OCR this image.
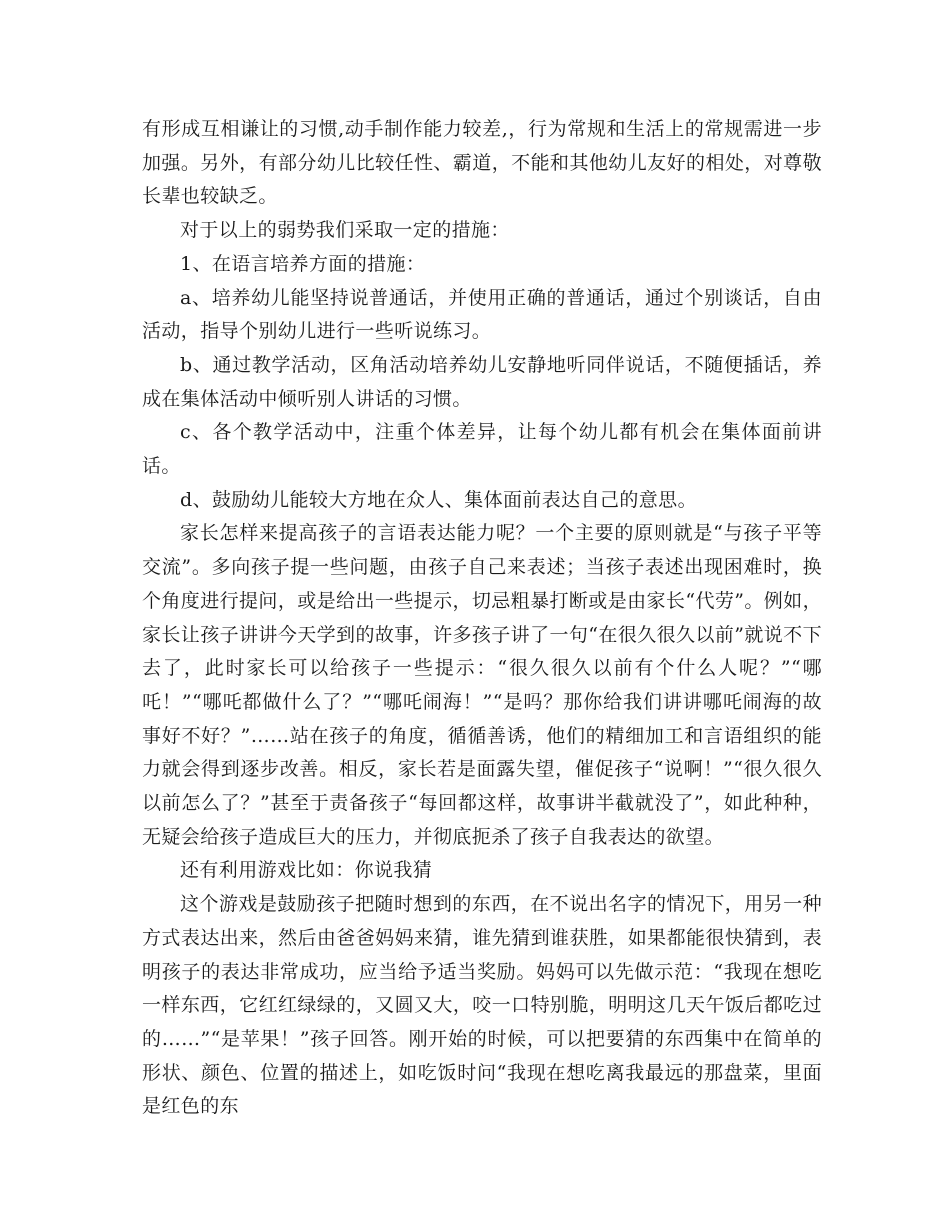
有形成互相谦让的习惯,动手制作能力较差,，行为常规和生活上的常规需进一步加强。另外，有部分幼儿比较任性、霸道，不能和其他幼儿友好的相处，对尊敬长辈也较缺乏。

对于以上的弱势我们采取一定的措施：

1、在语言培养方面的措施：

a、培养幼儿能坚持说普通话，并使用正确的普通话，通过个别谈话，自由活动，指导个别幼儿进行一些听说练习。

b、通过教学活动，区角活动培养幼儿安静地听同伴说话，不随便插话，养成在集体活动中倾听别人讲话的习惯。

c、各个教学活动中，注重个体差异，让每个幼儿都有机会在集体面前讲话。

d、鼓励幼儿能较大方地在众人、集体面前表达自己的意思。

家长怎样来提高孩子的言语表达能力呢？一个主要的原则就是“与孩子平等交流”。多向孩子提一些问题，由孩子自己来表述；当孩子表述出现困难时，换个角度进行提问，或是给出一些提示，切忌粗暴打断或是由家长“代劳”。例如，家长让孩子讲讲今天学到的故事，许多孩子讲了一句“在很久很久以前”就说不下去了，此时家长可以给孩子一些提示：“很久很久以前有个什么人呢？”“哪吒！”“哪吒都做什么了？”“哪吒闹海！”“是吗？那你给我们讲讲哪吒闹海的故事好不好？”……站在孩子的角度，循循善诱，他们的精细加工和言语组织的能力就会得到逐步改善。相反，家长若是面露失望，催促孩子“说啊！”“很久很久以前怎么了？”甚至于责备孩子“每回都这样，故事讲半截就没了”，如此种种，无疑会给孩子造成巨大的压力，并彻底扼杀了孩子自我表达的欲望。

还有利用游戏比如：你说我猜

这个游戏是鼓励孩子把随时想到的东西，在不说出名字的情况下，用另一种方式表达出来，然后由爸爸妈妈来猜，谁先猜到谁获胜，如果都能很快猜到，表明孩子的表达非常成功，应当给予适当奖励。妈妈可以先做示范：“我现在想吃一样东西，它红红绿绿的，又圆又大，咬一口特别脆，明明这几天午饭后都吃过的……”“是苹果！”孩子回答。刚开始的时候，可以把要猜的东西集中在简单的形状、颜色、位置的描述上，如吃饭时问“我现在想吃离我最远的那盘菜，里面是红色的东
